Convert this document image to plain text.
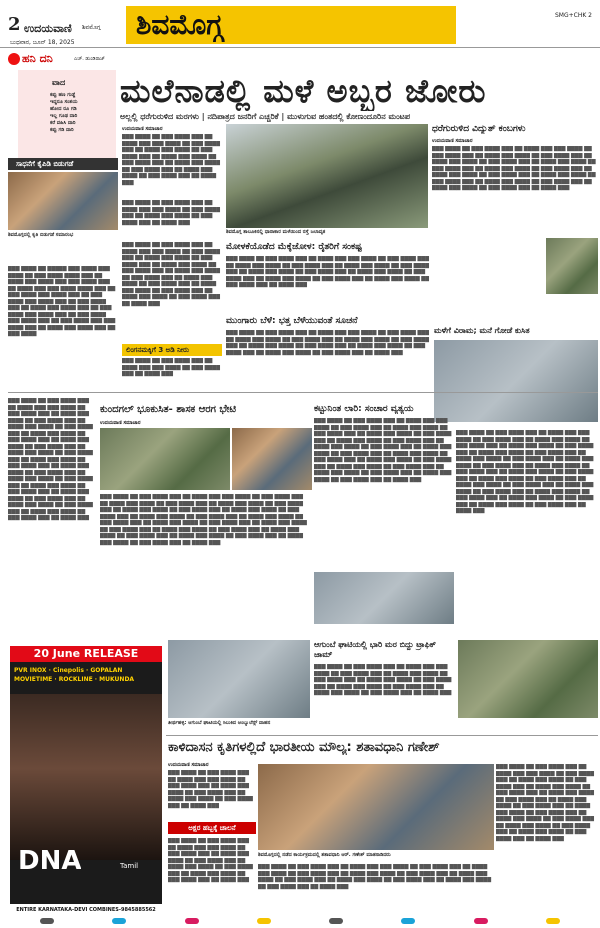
2 ಉದಯವಾಣಿ ಶಿವಮೊಗ್ಗ
ಬುಧವಾರ, ಜೂನ್ 18, 2025
ಶಿವಮೊಗ್ಗ	SMG+CHK 2
ಹನಿ ದನಿ	ಎಚ್. ಡುಂಡಿರಾಜ್
ವಾದ
ಕಪ್ಪು ಹಣ ಗುಡ್ಡೆ
ಇದ್ದರೂ ಸಂಶಯ
ಹೋದ ರೂ ಗಡಿ
ಇಲ್ಲ ಗೂಢ ದಾರಿ
ಕರೆ ವಹಿಸಿ ದಾರಿ
ಕಪ್ಪು ಗಡಿ ದಾರಿ
ಸಾಧನೆಗೆ ಕೈಪಿಡಿ ಬಿಡುಗಡೆ
ಶಿವಮೊಗ್ಗದಲ್ಲಿ ಕೃತಿ ಬಿಡುಗಡೆ ಸಮಾರಂಭ

▇▇▇ ▇▇▇▇ ▇▇ ▇▇▇▇▇ ▇▇▇ ▇▇▇▇ ▇▇▇ ▇▇▇▇ ▇▇ ▇▇▇ ▇▇▇▇ ▇▇▇▇ ▇▇▇ ▇▇ ▇▇▇▇ ▇▇▇ ▇▇▇▇ ▇▇▇ ▇▇▇ ▇▇▇▇ ▇▇▇ ▇▇ ▇▇▇▇ ▇▇▇ ▇▇▇ ▇▇▇▇ ▇▇▇▇ ▇▇▇ ▇▇ ▇▇▇ ▇▇▇▇ ▇▇▇ ▇▇▇▇ ▇▇▇ ▇▇ ▇▇▇ ▇▇▇▇ ▇▇▇ ▇▇▇▇ ▇▇▇ ▇▇ ▇▇▇ ▇▇▇▇ ▇▇▇ ▇▇ ▇▇▇▇ ▇▇▇ ▇▇▇▇ ▇▇▇ ▇▇ ▇▇▇ ▇▇▇▇ ▇▇▇ ▇▇▇▇ ▇▇▇ ▇▇ ▇▇▇ ▇▇▇▇ ▇▇▇ ▇▇▇▇ ▇▇▇ ▇▇ ▇▇▇ ▇▇▇▇ ▇▇▇ ▇▇▇ ▇▇▇▇ ▇▇▇ ▇▇ ▇▇▇▇ ▇▇▇ ▇▇▇▇ ▇▇▇ ▇▇ ▇▇▇ ▇▇▇▇

ಮಲೆನಾಡಲ್ಲಿ ಮಳೆ ಅಬ್ಬರ ಜೋರು
ಅಲ್ಲಲ್ಲಿ ಧರೆಗುರುಳಿದ ಮರಗಳು | ನದಿಪಾತ್ರದ ಜನರಿಗೆ ಎಚ್ಚರಿಕೆ | ಮುಳುಗುವ ಹಂತದಲ್ಲಿ ಕೋಣಂದೂರಿನ ಮಂಟಪ
ಉದಯವಾಣಿ ಸಮಾಚಾರ

▇▇▇ ▇▇▇▇ ▇▇ ▇▇▇ ▇▇▇▇ ▇▇▇ ▇▇ ▇▇▇▇ ▇▇▇ ▇▇▇ ▇▇▇▇ ▇▇ ▇▇▇ ▇▇▇▇ ▇▇▇ ▇▇ ▇▇▇▇ ▇▇▇ ▇▇▇▇ ▇▇ ▇▇▇ ▇▇▇▇ ▇▇▇ ▇▇ ▇▇▇▇ ▇▇▇ ▇▇▇▇ ▇▇ ▇▇▇ ▇▇▇▇ ▇▇▇ ▇▇ ▇▇▇▇ ▇▇▇ ▇▇▇▇ ▇▇ ▇▇▇ ▇▇▇▇ ▇▇▇ ▇▇ ▇▇▇▇ ▇▇▇ ▇▇▇▇ ▇▇ ▇▇▇ ▇▇▇▇ ▇▇▇ ▇▇ ▇▇▇▇ ▇▇▇

ಶಿವಮೊಗ್ಗ ತಾಲೂಕಿನಲ್ಲಿ ಧಾರಾಕಾರ ಮಳೆಯಿಂದ ರಸ್ತೆ ಜಲಾವೃತ

▇▇▇ ▇▇▇▇ ▇▇ ▇▇▇ ▇▇▇▇ ▇▇▇ ▇▇ ▇▇▇▇ ▇▇▇ ▇▇▇ ▇▇▇▇ ▇▇ ▇▇▇ ▇▇▇▇ ▇▇▇ ▇▇ ▇▇▇▇ ▇▇▇ ▇▇▇▇ ▇▇ ▇▇▇ ▇▇▇▇ ▇▇▇ ▇▇ ▇▇▇▇ ▇▇▇

▇▇▇ ▇▇▇▇ ▇▇ ▇▇▇ ▇▇▇▇ ▇▇▇ ▇▇ ▇▇▇▇ ▇▇▇ ▇▇▇ ▇▇▇▇ ▇▇ ▇▇▇ ▇▇▇▇ ▇▇▇ ▇▇ ▇▇▇▇ ▇▇▇ ▇▇▇▇ ▇▇ ▇▇▇ ▇▇▇▇ ▇▇▇ ▇▇ ▇▇▇▇ ▇▇▇ ▇▇▇▇ ▇▇ ▇▇▇ ▇▇▇▇ ▇▇▇ ▇▇ ▇▇▇▇ ▇▇▇ ▇▇▇▇ ▇▇ ▇▇▇ ▇▇▇▇ ▇▇▇ ▇▇ ▇▇▇▇ ▇▇▇ ▇▇▇▇ ▇▇ ▇▇▇ ▇▇▇▇ ▇▇▇ ▇▇ ▇▇▇▇ ▇▇▇ ▇▇▇▇ ▇▇ ▇▇▇ ▇▇▇▇ ▇▇▇ ▇▇ ▇▇▇▇ ▇▇▇ ▇▇▇▇ ▇▇ ▇▇▇ ▇▇▇▇ ▇▇▇ ▇▇ ▇▇▇▇ ▇▇▇

ಲಿಂಗನಮಕ್ಕಿಗೆ 3 ಅಡಿ ನೀರು

▇▇▇ ▇▇▇▇ ▇▇ ▇▇▇ ▇▇▇▇ ▇▇▇ ▇▇ ▇▇▇▇ ▇▇▇ ▇▇▇ ▇▇▇▇ ▇▇ ▇▇▇ ▇▇▇▇ ▇▇▇ ▇▇ ▇▇▇▇ ▇▇▇

ಧರೆಗುರುಳಿದ ವಿದ್ಯುತ್ ಕಂಬಗಳು
ಉದಯವಾಣಿ ಸಮಾಚಾರ

▇▇▇ ▇▇▇▇ ▇▇ ▇▇▇ ▇▇▇▇ ▇▇▇ ▇▇ ▇▇▇▇ ▇▇▇ ▇▇▇ ▇▇▇▇ ▇▇ ▇▇▇ ▇▇▇▇ ▇▇▇ ▇▇ ▇▇▇▇ ▇▇▇ ▇▇▇▇ ▇▇ ▇▇▇ ▇▇▇▇ ▇▇▇ ▇▇ ▇▇▇▇ ▇▇▇ ▇▇▇▇ ▇▇ ▇▇▇ ▇▇▇▇ ▇▇▇ ▇▇ ▇▇▇▇ ▇▇▇ ▇▇▇▇ ▇▇ ▇▇▇ ▇▇▇▇ ▇▇▇ ▇▇ ▇▇▇▇ ▇▇▇ ▇▇▇▇ ▇▇ ▇▇▇ ▇▇▇▇ ▇▇▇ ▇▇ ▇▇▇▇ ▇▇▇ ▇▇▇▇ ▇▇ ▇▇▇ ▇▇▇▇ ▇▇▇ ▇▇ ▇▇▇▇ ▇▇▇ ▇▇▇▇ ▇▇ ▇▇▇ ▇▇▇▇ ▇▇▇ ▇▇ ▇▇▇▇ ▇▇▇ ▇▇▇▇ ▇▇ ▇▇▇ ▇▇▇▇ ▇▇▇ ▇▇ ▇▇▇▇ ▇▇▇ ▇▇▇▇ ▇▇ ▇▇▇ ▇▇▇▇ ▇▇▇ ▇▇ ▇▇▇▇ ▇▇▇

ಮೋಳಕೆಯೊಡೆದ ಮೆಕ್ಕೆಜೋಳ: ರೈತರಿಗೆ ಸಂಕಷ್ಟ

▇▇▇ ▇▇▇▇ ▇▇ ▇▇▇ ▇▇▇▇ ▇▇▇ ▇▇ ▇▇▇▇ ▇▇▇ ▇▇▇ ▇▇▇▇ ▇▇ ▇▇▇ ▇▇▇▇ ▇▇▇ ▇▇ ▇▇▇▇ ▇▇▇ ▇▇▇▇ ▇▇ ▇▇▇ ▇▇▇▇ ▇▇▇ ▇▇ ▇▇▇▇ ▇▇▇ ▇▇▇▇ ▇▇ ▇▇▇ ▇▇▇▇ ▇▇▇ ▇▇ ▇▇▇▇ ▇▇▇ ▇▇▇▇ ▇▇ ▇▇▇ ▇▇▇▇ ▇▇▇ ▇▇ ▇▇▇▇ ▇▇▇ ▇▇▇▇ ▇▇ ▇▇▇ ▇▇▇▇ ▇▇▇ ▇▇ ▇▇▇▇ ▇▇▇ ▇▇▇▇ ▇▇ ▇▇▇ ▇▇▇▇ ▇▇▇ ▇▇ ▇▇▇▇ ▇▇▇ ▇▇▇▇ ▇▇ ▇▇▇ ▇▇▇▇ ▇▇▇ ▇▇ ▇▇▇▇ ▇▇▇

ಮುಂಗಾರು ಬೆಳೆ: ಭತ್ತ ಬೆಳೆಯುವಂತೆ ಸೂಚನೆ

▇▇▇ ▇▇▇▇ ▇▇ ▇▇▇ ▇▇▇▇ ▇▇▇ ▇▇ ▇▇▇▇ ▇▇▇ ▇▇▇ ▇▇▇▇ ▇▇ ▇▇▇ ▇▇▇▇ ▇▇▇ ▇▇ ▇▇▇▇ ▇▇▇ ▇▇▇▇ ▇▇ ▇▇▇ ▇▇▇▇ ▇▇▇ ▇▇ ▇▇▇▇ ▇▇▇ ▇▇▇▇ ▇▇ ▇▇▇ ▇▇▇▇ ▇▇▇ ▇▇ ▇▇▇▇ ▇▇▇ ▇▇▇▇ ▇▇ ▇▇▇ ▇▇▇▇ ▇▇▇ ▇▇ ▇▇▇▇ ▇▇▇ ▇▇▇▇ ▇▇ ▇▇▇ ▇▇▇▇ ▇▇▇ ▇▇ ▇▇▇▇ ▇▇▇ ▇▇▇▇ ▇▇ ▇▇▇ ▇▇▇▇ ▇▇▇ ▇▇ ▇▇▇▇ ▇▇▇

ಮಳೆಗೆ ವಿರಾಮ; ಮನೆ ಗೋಡೆ ಕುಸಿತ

▇▇▇ ▇▇▇▇ ▇▇ ▇▇▇ ▇▇▇▇ ▇▇▇ ▇▇ ▇▇▇▇ ▇▇▇ ▇▇▇ ▇▇▇▇ ▇▇ ▇▇▇ ▇▇▇▇ ▇▇▇ ▇▇ ▇▇▇▇ ▇▇▇ ▇▇▇▇ ▇▇ ▇▇▇ ▇▇▇▇ ▇▇▇ ▇▇ ▇▇▇▇ ▇▇▇ ▇▇▇▇ ▇▇ ▇▇▇ ▇▇▇▇ ▇▇▇ ▇▇ ▇▇▇▇ ▇▇▇ ▇▇▇▇ ▇▇ ▇▇▇ ▇▇▇▇ ▇▇▇ ▇▇ ▇▇▇▇ ▇▇▇ ▇▇▇▇ ▇▇ ▇▇▇ ▇▇▇▇ ▇▇▇ ▇▇ ▇▇▇▇ ▇▇▇ ▇▇▇▇ ▇▇ ▇▇▇ ▇▇▇▇ ▇▇▇ ▇▇ ▇▇▇▇ ▇▇▇ ▇▇▇▇ ▇▇ ▇▇▇ ▇▇▇▇ ▇▇▇ ▇▇ ▇▇▇▇ ▇▇▇ ▇▇▇▇ ▇▇ ▇▇▇ ▇▇▇▇ ▇▇▇ ▇▇ ▇▇▇▇ ▇▇▇ ▇▇▇▇ ▇▇ ▇▇▇ ▇▇▇▇ ▇▇▇ ▇▇ ▇▇▇▇ ▇▇▇ ▇▇▇▇ ▇▇ ▇▇▇ ▇▇▇▇ ▇▇▇ ▇▇ ▇▇▇▇ ▇▇▇ ▇▇▇▇ ▇▇ ▇▇▇ ▇▇▇▇ ▇▇▇ ▇▇ ▇▇▇▇ ▇▇▇ ▇▇▇▇ ▇▇ ▇▇▇ ▇▇▇▇ ▇▇▇ ▇▇ ▇▇▇▇ ▇▇▇ ▇▇▇▇ ▇▇ ▇▇▇ ▇▇▇▇ ▇▇▇ ▇▇ ▇▇▇▇ ▇▇▇

ಕುಂದಗಲ್ ಭೂಕುಸಿತ- ಶಾಸಕ ಆರಗ ಭೇಟಿ
ಉದಯವಾಣಿ ಸಮಾಚಾರ

▇▇▇ ▇▇▇▇ ▇▇ ▇▇▇ ▇▇▇▇ ▇▇▇ ▇▇ ▇▇▇▇ ▇▇▇ ▇▇▇ ▇▇▇▇ ▇▇ ▇▇▇ ▇▇▇▇ ▇▇▇ ▇▇ ▇▇▇▇ ▇▇▇ ▇▇▇▇ ▇▇ ▇▇▇ ▇▇▇▇ ▇▇▇ ▇▇ ▇▇▇▇ ▇▇▇ ▇▇▇▇ ▇▇ ▇▇▇ ▇▇▇▇ ▇▇▇ ▇▇ ▇▇▇▇ ▇▇▇ ▇▇▇▇ ▇▇ ▇▇▇ ▇▇▇▇ ▇▇▇ ▇▇ ▇▇▇▇ ▇▇▇ ▇▇▇▇ ▇▇ ▇▇▇ ▇▇▇▇ ▇▇▇ ▇▇ ▇▇▇▇ ▇▇▇ ▇▇▇▇ ▇▇ ▇▇▇ ▇▇▇▇ ▇▇▇ ▇▇ ▇▇▇▇ ▇▇▇ ▇▇▇▇ ▇▇ ▇▇▇ ▇▇▇▇ ▇▇▇ ▇▇ ▇▇▇▇ ▇▇▇ ▇▇▇▇ ▇▇ ▇▇▇ ▇▇▇▇ ▇▇▇ ▇▇ ▇▇▇▇ ▇▇▇ ▇▇▇▇ ▇▇ ▇▇▇ ▇▇▇▇ ▇▇▇ ▇▇ ▇▇▇▇ ▇▇▇ ▇▇▇▇ ▇▇ ▇▇▇ ▇▇▇▇ ▇▇▇ ▇▇ ▇▇▇▇ ▇▇▇ ▇▇▇▇ ▇▇ ▇▇▇ ▇▇▇▇ ▇▇▇ ▇▇ ▇▇▇▇ ▇▇▇ ▇▇▇▇ ▇▇ ▇▇▇ ▇▇▇▇ ▇▇▇ ▇▇ ▇▇▇▇ ▇▇▇ ▇▇▇▇ ▇▇ ▇▇▇ ▇▇▇▇ ▇▇▇ ▇▇ ▇▇▇▇ ▇▇▇

ಕಟ್ಟುನಿಂತ ಲಾರಿ: ಸಂಚಾರ ವ್ಯತ್ಯಯ

▇▇▇ ▇▇▇▇ ▇▇ ▇▇▇ ▇▇▇▇ ▇▇▇ ▇▇ ▇▇▇▇ ▇▇▇ ▇▇▇ ▇▇▇▇ ▇▇ ▇▇▇ ▇▇▇▇ ▇▇▇ ▇▇ ▇▇▇▇ ▇▇▇ ▇▇▇▇ ▇▇ ▇▇▇ ▇▇▇▇ ▇▇▇ ▇▇ ▇▇▇▇ ▇▇▇ ▇▇▇▇ ▇▇ ▇▇▇ ▇▇▇▇ ▇▇▇ ▇▇ ▇▇▇▇ ▇▇▇ ▇▇▇▇ ▇▇ ▇▇▇ ▇▇▇▇ ▇▇▇ ▇▇ ▇▇▇▇ ▇▇▇ ▇▇▇▇ ▇▇ ▇▇▇ ▇▇▇▇ ▇▇▇ ▇▇ ▇▇▇▇ ▇▇▇ ▇▇▇▇ ▇▇ ▇▇▇ ▇▇▇▇ ▇▇▇ ▇▇ ▇▇▇▇ ▇▇▇ ▇▇▇▇ ▇▇ ▇▇▇ ▇▇▇▇ ▇▇▇ ▇▇ ▇▇▇▇ ▇▇▇ ▇▇▇▇ ▇▇ ▇▇▇ ▇▇▇▇ ▇▇▇ ▇▇ ▇▇▇▇ ▇▇▇ ▇▇▇▇ ▇▇ ▇▇▇ ▇▇▇▇ ▇▇▇ ▇▇ ▇▇▇▇ ▇▇▇ ▇▇▇▇ ▇▇ ▇▇▇ ▇▇▇▇ ▇▇▇ ▇▇ ▇▇▇▇ ▇▇▇ ▇▇▇▇ ▇▇ ▇▇▇ ▇▇▇▇ ▇▇▇ ▇▇ ▇▇▇▇ ▇▇▇

▇▇▇ ▇▇▇▇ ▇▇ ▇▇▇ ▇▇▇▇ ▇▇▇ ▇▇ ▇▇▇▇ ▇▇▇ ▇▇▇ ▇▇▇▇ ▇▇ ▇▇▇ ▇▇▇▇ ▇▇▇ ▇▇ ▇▇▇▇ ▇▇▇ ▇▇▇▇ ▇▇ ▇▇▇ ▇▇▇▇ ▇▇▇ ▇▇ ▇▇▇▇ ▇▇▇ ▇▇▇▇ ▇▇ ▇▇▇ ▇▇▇▇ ▇▇▇ ▇▇ ▇▇▇▇ ▇▇▇ ▇▇▇▇ ▇▇ ▇▇▇ ▇▇▇▇ ▇▇▇ ▇▇ ▇▇▇▇ ▇▇▇ ▇▇▇▇ ▇▇ ▇▇▇ ▇▇▇▇ ▇▇▇ ▇▇ ▇▇▇▇ ▇▇▇ ▇▇▇▇ ▇▇ ▇▇▇ ▇▇▇▇ ▇▇▇ ▇▇ ▇▇▇▇ ▇▇▇ ▇▇▇▇ ▇▇ ▇▇▇ ▇▇▇▇ ▇▇▇ ▇▇ ▇▇▇▇ ▇▇▇ ▇▇▇▇ ▇▇ ▇▇▇ ▇▇▇▇ ▇▇▇ ▇▇ ▇▇▇▇ ▇▇▇ ▇▇▇▇ ▇▇ ▇▇▇ ▇▇▇▇ ▇▇▇ ▇▇ ▇▇▇▇ ▇▇▇ ▇▇▇▇ ▇▇ ▇▇▇ ▇▇▇▇ ▇▇▇ ▇▇ ▇▇▇▇ ▇▇▇ ▇▇▇▇ ▇▇ ▇▇▇ ▇▇▇▇ ▇▇▇ ▇▇ ▇▇▇▇ ▇▇▇ ▇▇▇▇ ▇▇ ▇▇▇ ▇▇▇▇ ▇▇▇ ▇▇ ▇▇▇▇ ▇▇▇ ▇▇▇▇ ▇▇ ▇▇▇ ▇▇▇▇ ▇▇▇ ▇▇ ▇▇▇▇ ▇▇▇ ▇▇▇▇ ▇▇ ▇▇▇ ▇▇▇▇ ▇▇▇ ▇▇ ▇▇▇▇ ▇▇▇

ಆಗುಂಬೆ ಘಾಟಿಯಲ್ಲಿ ಭಾರಿ ಮರ ಬಿದ್ದು ಟ್ರಾಫಿಕ್ ಜಾಮ್
ತೀರ್ಥಹಳ್ಳಿ: ಆಗುಂಬೆ ಘಾಟಿಯಲ್ಲಿ ಸಿಲುಕಿದ ಆಂಬ್ಯುಲೆನ್ಸ್ ವಾಹನ

▇▇▇ ▇▇▇▇ ▇▇ ▇▇▇ ▇▇▇▇ ▇▇▇ ▇▇ ▇▇▇▇ ▇▇▇ ▇▇▇ ▇▇▇▇ ▇▇ ▇▇▇ ▇▇▇▇ ▇▇▇ ▇▇ ▇▇▇▇ ▇▇▇ ▇▇▇▇ ▇▇ ▇▇▇ ▇▇▇▇ ▇▇▇ ▇▇ ▇▇▇▇ ▇▇▇ ▇▇▇▇ ▇▇ ▇▇▇ ▇▇▇▇ ▇▇▇ ▇▇ ▇▇▇▇ ▇▇▇ ▇▇▇▇ ▇▇ ▇▇▇ ▇▇▇▇ ▇▇▇ ▇▇ ▇▇▇▇ ▇▇▇ ▇▇▇▇ ▇▇ ▇▇▇ ▇▇▇▇ ▇▇▇ ▇▇ ▇▇▇▇ ▇▇▇

20 June RELEASE
PVR INOX · Cinepolis · GOPALAN
MOVIETIME · ROCKLINE · MUKUNDA
DNA	Tamil
ENTIRE KARNATAKA-DEVI COMBINES-9845885562
ಕಾಳಿದಾಸನ ಕೃತಿಗಳಲ್ಲಿದೆ ಭಾರತೀಯ ಮೌಲ್ಯ: ಶತಾವಧಾನಿ ಗಣೇಶ್
ಉದಯವಾಣಿ ಸಮಾಚಾರ

▇▇▇ ▇▇▇▇ ▇▇ ▇▇▇ ▇▇▇▇ ▇▇▇ ▇▇ ▇▇▇▇ ▇▇▇ ▇▇▇ ▇▇▇▇ ▇▇ ▇▇▇ ▇▇▇▇ ▇▇▇ ▇▇ ▇▇▇▇ ▇▇▇ ▇▇▇▇ ▇▇ ▇▇▇ ▇▇▇▇ ▇▇▇ ▇▇ ▇▇▇▇ ▇▇▇ ▇▇▇▇ ▇▇ ▇▇▇ ▇▇▇▇ ▇▇▇ ▇▇ ▇▇▇▇ ▇▇▇

ಅಕ್ಷರ ಹಬ್ಬಕ್ಕೆ ಚಾಲನೆ
ಶಿವಮೊಗ್ಗದಲ್ಲಿ ನಡೆದ ಕಾರ್ಯಕ್ರಮದಲ್ಲಿ ಶತಾವಧಾನಿ ಆರ್. ಗಣೇಶ್ ಮಾತನಾಡಿದರು

▇▇▇ ▇▇▇▇ ▇▇ ▇▇▇ ▇▇▇▇ ▇▇▇ ▇▇ ▇▇▇▇ ▇▇▇ ▇▇▇ ▇▇▇▇ ▇▇ ▇▇▇ ▇▇▇▇ ▇▇▇ ▇▇ ▇▇▇▇ ▇▇▇ ▇▇▇▇ ▇▇ ▇▇▇ ▇▇▇▇ ▇▇▇ ▇▇ ▇▇▇▇ ▇▇▇ ▇▇▇▇ ▇▇ ▇▇▇ ▇▇▇▇ ▇▇▇ ▇▇ ▇▇▇▇ ▇▇▇ ▇▇▇▇ ▇▇ ▇▇▇ ▇▇▇▇ ▇▇▇ ▇▇ ▇▇▇▇ ▇▇▇ ▇▇▇▇ ▇▇ ▇▇▇ ▇▇▇▇ ▇▇▇ ▇▇ ▇▇▇▇ ▇▇▇ ▇▇▇▇ ▇▇ ▇▇▇ ▇▇▇▇ ▇▇▇ ▇▇ ▇▇▇▇ ▇▇▇ ▇▇▇▇ ▇▇ ▇▇▇ ▇▇▇▇ ▇▇▇ ▇▇ ▇▇▇▇ ▇▇▇ ▇▇▇▇ ▇▇ ▇▇▇ ▇▇▇▇ ▇▇▇ ▇▇ ▇▇▇▇ ▇▇▇ ▇▇▇▇ ▇▇ ▇▇▇ ▇▇▇▇ ▇▇▇ ▇▇ ▇▇▇▇ ▇▇▇

▇▇▇ ▇▇▇▇ ▇▇ ▇▇▇ ▇▇▇▇ ▇▇▇ ▇▇ ▇▇▇▇ ▇▇▇ ▇▇▇ ▇▇▇▇ ▇▇ ▇▇▇ ▇▇▇▇ ▇▇▇ ▇▇ ▇▇▇▇ ▇▇▇ ▇▇▇▇ ▇▇ ▇▇▇ ▇▇▇▇ ▇▇▇ ▇▇ ▇▇▇▇ ▇▇▇ ▇▇▇▇ ▇▇ ▇▇▇ ▇▇▇▇ ▇▇▇ ▇▇ ▇▇▇▇ ▇▇▇ ▇▇▇▇ ▇▇ ▇▇▇ ▇▇▇▇ ▇▇▇ ▇▇ ▇▇▇▇ ▇▇▇

▇▇▇ ▇▇▇▇ ▇▇ ▇▇▇ ▇▇▇▇ ▇▇▇ ▇▇ ▇▇▇▇ ▇▇▇ ▇▇▇ ▇▇▇▇ ▇▇ ▇▇▇ ▇▇▇▇ ▇▇▇ ▇▇ ▇▇▇▇ ▇▇▇ ▇▇▇▇ ▇▇ ▇▇▇ ▇▇▇▇ ▇▇▇ ▇▇ ▇▇▇▇ ▇▇▇ ▇▇▇▇ ▇▇ ▇▇▇ ▇▇▇▇ ▇▇▇ ▇▇ ▇▇▇▇ ▇▇▇ ▇▇▇▇ ▇▇ ▇▇▇ ▇▇▇▇ ▇▇▇ ▇▇ ▇▇▇▇ ▇▇▇ ▇▇▇▇ ▇▇ ▇▇▇ ▇▇▇▇ ▇▇▇ ▇▇ ▇▇▇▇ ▇▇▇ ▇▇▇▇ ▇▇ ▇▇▇ ▇▇▇▇ ▇▇▇ ▇▇ ▇▇▇▇ ▇▇▇
